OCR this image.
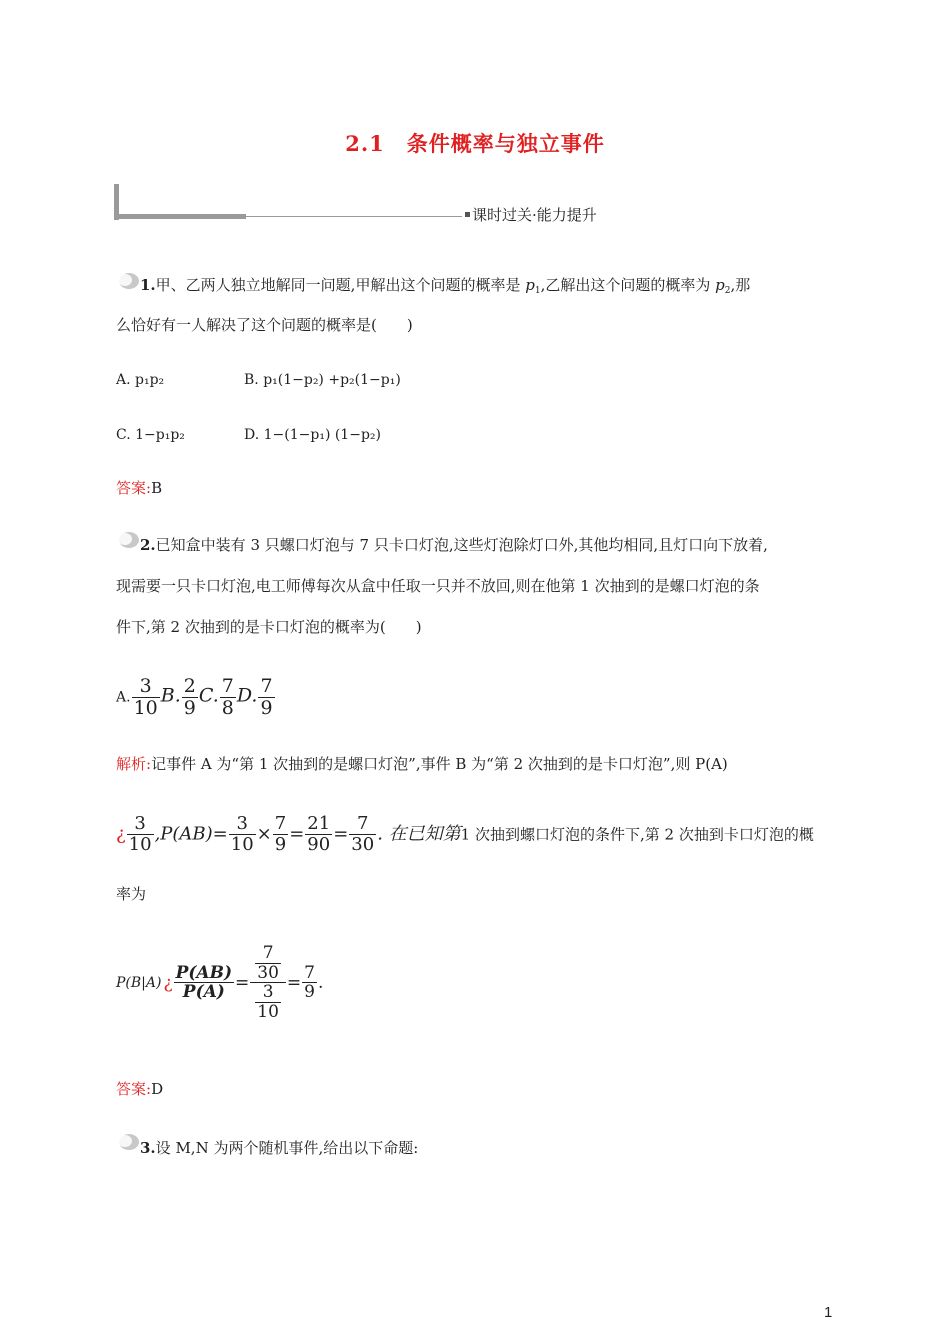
2.1　条件概率与独立事件
课时过关·能力提升
1.甲、乙两人独立地解同一问题,甲解出这个问题的概率是 $p_1$,乙解出这个问题的概率为 $p_2$,那
么恰好有一人解决了这个问题的概率是(　　)
A. p₁p₂	B. p₁(1−p₂) +p₂(1−p₁)
C. 1−p₁p₂	D. 1−(1−p₁) (1−p₂)
答案:B
2.已知盒中装有 3 只螺口灯泡与 7 只卡口灯泡,这些灯泡除灯口外,其他均相同,且灯口向下放着,
现需要一只卡口灯泡,电工师傅每次从盒中任取一只并不放回,则在他第 1 次抽到的是螺口灯泡的条
件下,第 2 次抽到的是卡口灯泡的概率为(　　)
A. $\frac{3}{10} B$. $\frac{2}{9} C$. $\frac{7}{8} D$. $\frac{7}{9}$
解析:记事件 A 为“第 1 次抽到的是螺口灯泡”,事件 B 为“第 2 次抽到的是卡口灯泡”,则 P(A)
¿ $\frac{3}{10} ,P(AB)= \frac{3}{10} \times \frac{7}{9} = \frac{21}{90} = \frac{7}{30}$ . 在已知第1 次抽到螺口灯泡的条件下,第 2 次抽到卡口灯泡的概
率为
P(B|A) ¿ $\frac{P(AB)}{P(A)} = \frac{\frac{7}{30}}{\frac{3}{10}} = \frac{7}{9}$ .
答案:D
3.设 M,N 为两个随机事件,给出以下命题:
1
